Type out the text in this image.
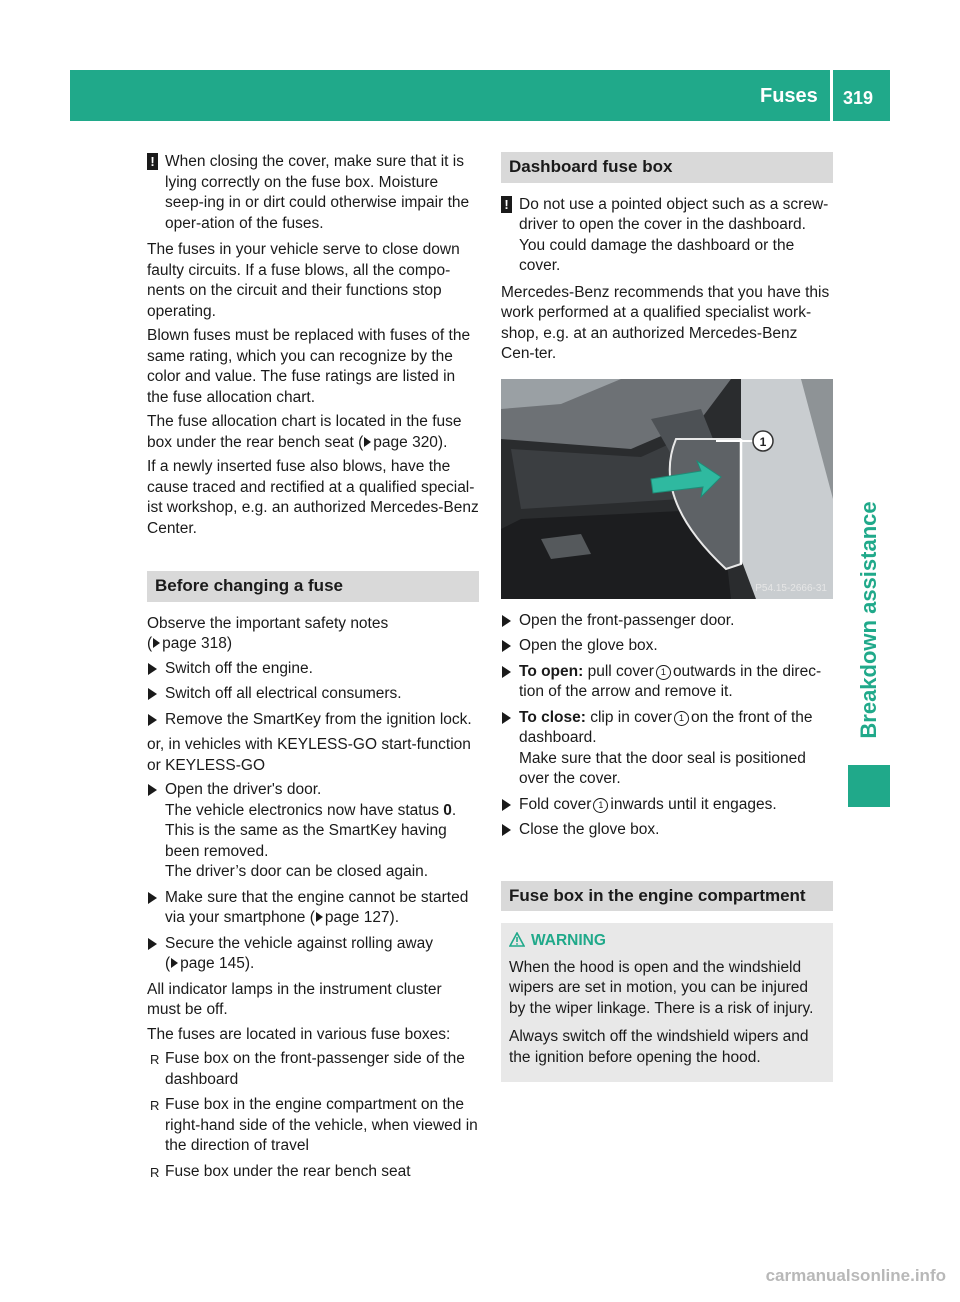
Fuses 319
Breakdown assistance
! When closing the cover, make sure that it is lying correctly on the fuse box. Moisture seep-ing in or dirt could otherwise impair the oper-ation of the fuses.

The fuses in your vehicle serve to close down faulty circuits. If a fuse blows, all the compo-nents on the circuit and their functions stop operating.

Blown fuses must be replaced with fuses of the same rating, which you can recognize by the color and value. The fuse ratings are listed in the fuse allocation chart.

The fuse allocation chart is located in the fuse box under the rear bench seat ( page 320).

If a newly inserted fuse also blows, have the cause traced and rectified at a qualified special-ist workshop, e.g. an authorized Mercedes-Benz Center.

Before changing a fuse

Observe the important safety notes
( page 318)

Switch off the engine.
Switch off all electrical consumers.
Remove the SmartKey from the ignition lock.

or, in vehicles with KEYLESS-GO start-function or KEYLESS-GO

Open the driver's door.
The vehicle electronics now have status 0.
This is the same as the SmartKey having been removed.
The driver’s door can be closed again.
Make sure that the engine cannot be started via your smartphone ( page 127).
Secure the vehicle against rolling away
( page 145).

All indicator lamps in the instrument cluster must be off.

The fuses are located in various fuse boxes:

R Fuse box on the front-passenger side of the dashboard
R Fuse box in the engine compartment on the right-hand side of the vehicle, when viewed in the direction of travel
R Fuse box under the rear bench seat
Dashboard fuse box
! Do not use a pointed object such as a screw-driver to open the cover in the dashboard. You could damage the dashboard or the cover.

Mercedes-Benz recommends that you have this work performed at a qualified specialist work-shop, e.g. at an authorized Mercedes-Benz Cen-ter.

1
P54.15-2666-31
Open the front-passenger door.
Open the glove box.
To open: pull cover 1 outwards in the direc-tion of the arrow and remove it.
To close: clip in cover 1 on the front of the dashboard.
Make sure that the door seal is positioned over the cover.
Fold cover 1 inwards until it engages.
Close the glove box.
Fuse box in the engine compartment
WARNING

When the hood is open and the windshield wipers are set in motion, you can be injured by the wiper linkage. There is a risk of injury.

Always switch off the windshield wipers and the ignition before opening the hood.

carmanualsonline.info
